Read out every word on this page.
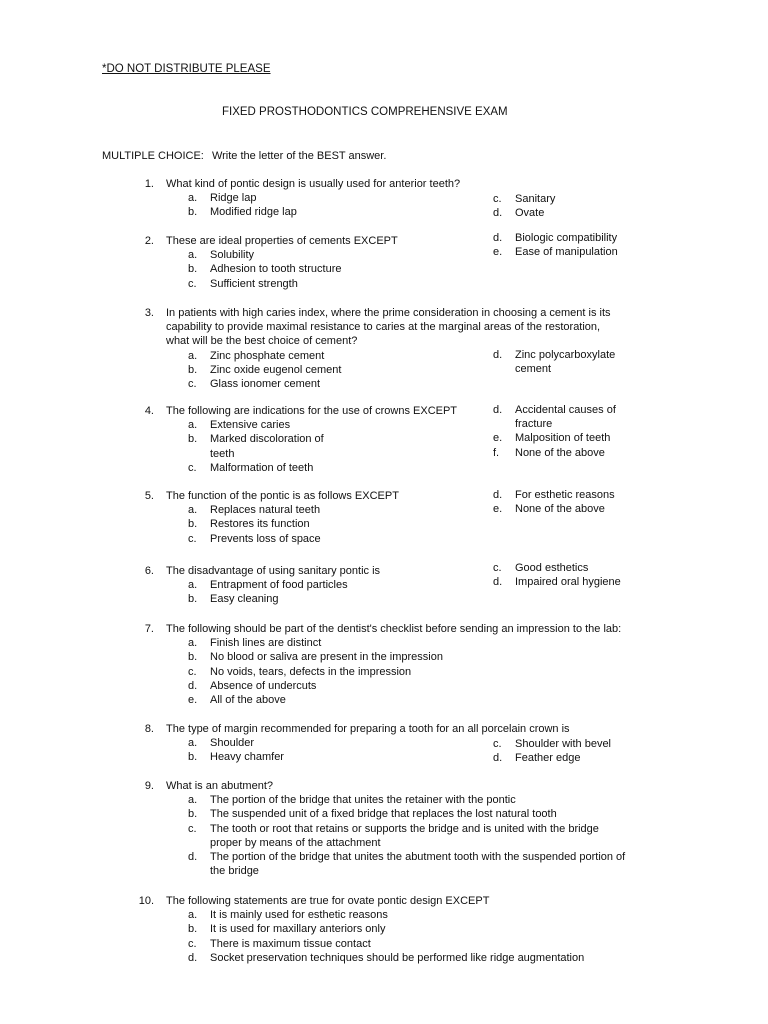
*DO NOT DISTRIBUTE PLEASE
FIXED PROSTHODONTICS COMPREHENSIVE EXAM
MULTIPLE CHOICE: Write the letter of the BEST answer.
1. What kind of pontic design is usually used for anterior teeth?
a. Ridge lap
b. Modified ridge lap
c. Sanitary
d. Ovate
2. These are ideal properties of cements EXCEPT
a. Solubility
b. Adhesion to tooth structure
c. Sufficient strength
d. Biologic compatibility
e. Ease of manipulation
3. In patients with high caries index, where the prime consideration in choosing a cement is its
capability to provide maximal resistance to caries at the marginal areas of the restoration,
what will be the best choice of cement?
a. Zinc phosphate cement
b. Zinc oxide eugenol cement
c. Glass ionomer cement
d. Zinc polycarboxylate
cement
4. The following are indications for the use of crowns EXCEPT
a. Extensive caries
b. Marked discoloration of
teeth
c. Malformation of teeth
d. Accidental causes of
fracture
e. Malposition of teeth
f. None of the above
5. The function of the pontic is as follows EXCEPT
a. Replaces natural teeth
b. Restores its function
c. Prevents loss of space
d. For esthetic reasons
e. None of the above
6. The disadvantage of using sanitary pontic is
a. Entrapment of food particles
b. Easy cleaning
c. Good esthetics
d. Impaired oral hygiene
7. The following should be part of the dentist's checklist before sending an impression to the lab:
a. Finish lines are distinct
b. No blood or saliva are present in the impression
c. No voids, tears, defects in the impression
d. Absence of undercuts
e. All of the above
8. The type of margin recommended for preparing a tooth for an all porcelain crown is
a. Shoulder
b. Heavy chamfer
c. Shoulder with bevel
d. Feather edge
9. What is an abutment?
a. The portion of the bridge that unites the retainer with the pontic
b. The suspended unit of a fixed bridge that replaces the lost natural tooth
c. The tooth or root that retains or supports the bridge and is united with the bridge
proper by means of the attachment
d. The portion of the bridge that unites the abutment tooth with the suspended portion of
the bridge
10. The following statements are true for ovate pontic design EXCEPT
a. It is mainly used for esthetic reasons
b. It is used for maxillary anteriors only
c. There is maximum tissue contact
d. Socket preservation techniques should be performed like ridge augmentation
